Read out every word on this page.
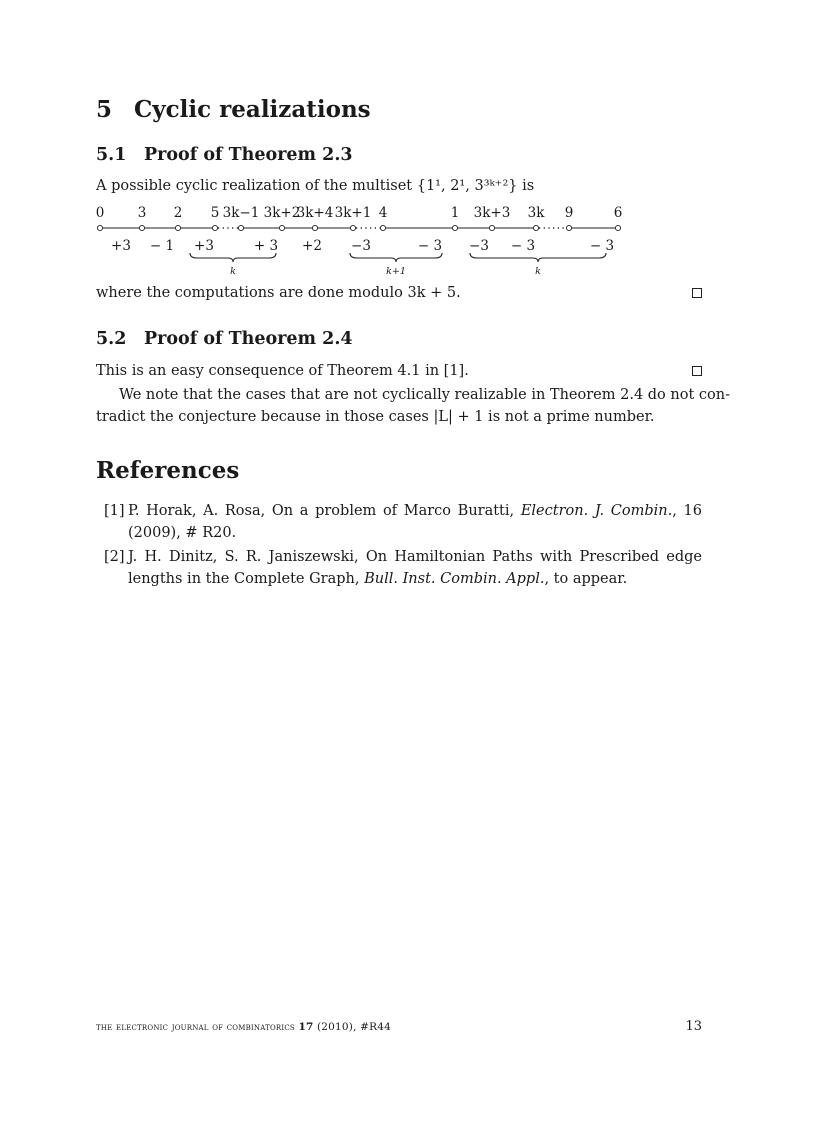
5 Cyclic realizations
5.1 Proof of Theorem 2.3
A possible cyclic realization of the multiset {1¹, 2¹, 3³ᵏ⁺²} is
0 3 2 5 3k−1 3k+2
3k+4 3k+1 4	1 3k+3 3k 9	6
+3 − 1 +3	+ 3 +2 −3	− 3 −3 − 3	− 3
k	k+1	k
where the computations are done modulo 3k + 5.
5.2 Proof of Theorem 2.4
This is an easy consequence of Theorem 4.1 in [1].
We note that the cases that are not cyclically realizable in Theorem 2.4 do not con-
tradict the conjecture because in those cases |L| + 1 is not a prime number.
References
[1] P. Horak, A. Rosa, On a problem of Marco Buratti, Electron. J. Combin., 16 (2009), # R20.
[2] J. H. Dinitz, S. R. Janiszewski, On Hamiltonian Paths with Prescribed edge lengths in the Complete Graph, Bull. Inst. Combin. Appl., to appear.
the electronic journal of combinatorics 17 (2010), #R44	13
